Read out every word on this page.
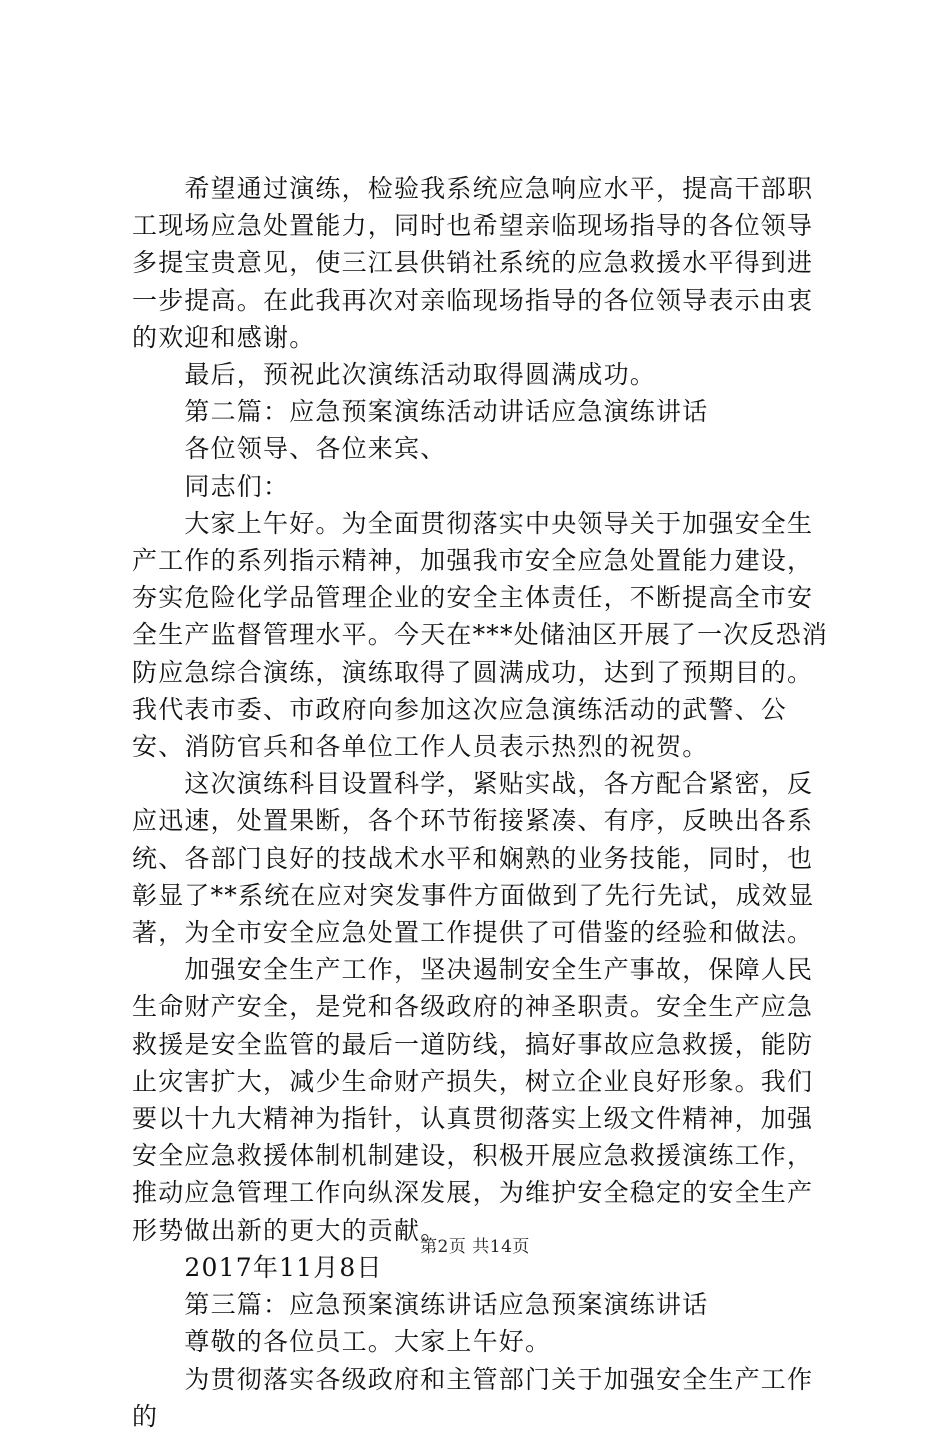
　　希望通过演练，检验我系统应急响应水平，提高干部职工现场应急处置能力，同时也希望亲临现场指导的各位领导多提宝贵意见，使三江县供销社系统的应急救援水平得到进一步提高。在此我再次对亲临现场指导的各位领导表示由衷的欢迎和感谢。

　　最后，预祝此次演练活动取得圆满成功。

　　第二篇：应急预案演练活动讲话应急演练讲话

　　各位领导、各位来宾、

　　同志们：

　　大家上午好。为全面贯彻落实中央领导关于加强安全生产工作的系列指示精神，加强我市安全应急处置能力建设，夯实危险化学品管理企业的安全主体责任，不断提高全市安全生产监督管理水平。今天在***处储油区开展了一次反恐消防应急综合演练，演练取得了圆满成功，达到了预期目的。我代表市委、市政府向参加这次应急演练活动的武警、公安、消防官兵和各单位工作人员表示热烈的祝贺。

　　这次演练科目设置科学，紧贴实战，各方配合紧密，反应迅速，处置果断，各个环节衔接紧凑、有序，反映出各系统、各部门良好的技战术水平和娴熟的业务技能，同时，也彰显了**系统在应对突发事件方面做到了先行先试，成效显著，为全市安全应急处置工作提供了可借鉴的经验和做法。

　　加强安全生产工作，坚决遏制安全生产事故，保障人民生命财产安全，是党和各级政府的神圣职责。安全生产应急救援是安全监管的最后一道防线，搞好事故应急救援，能防止灾害扩大，减少生命财产损失，树立企业良好形象。我们要以十九大精神为指针，认真贯彻落实上级文件精神，加强安全应急救援体制机制建设，积极开展应急救援演练工作，推动应急管理工作向纵深发展，为维护安全稳定的安全生产形势做出新的更大的贡献。

　　2017年11月8日

　　第三篇：应急预案演练讲话应急预案演练讲话

　　尊敬的各位员工。大家上午好。

　　为贯彻落实各级政府和主管部门关于加强安全生产工作的

第2页 共14页
